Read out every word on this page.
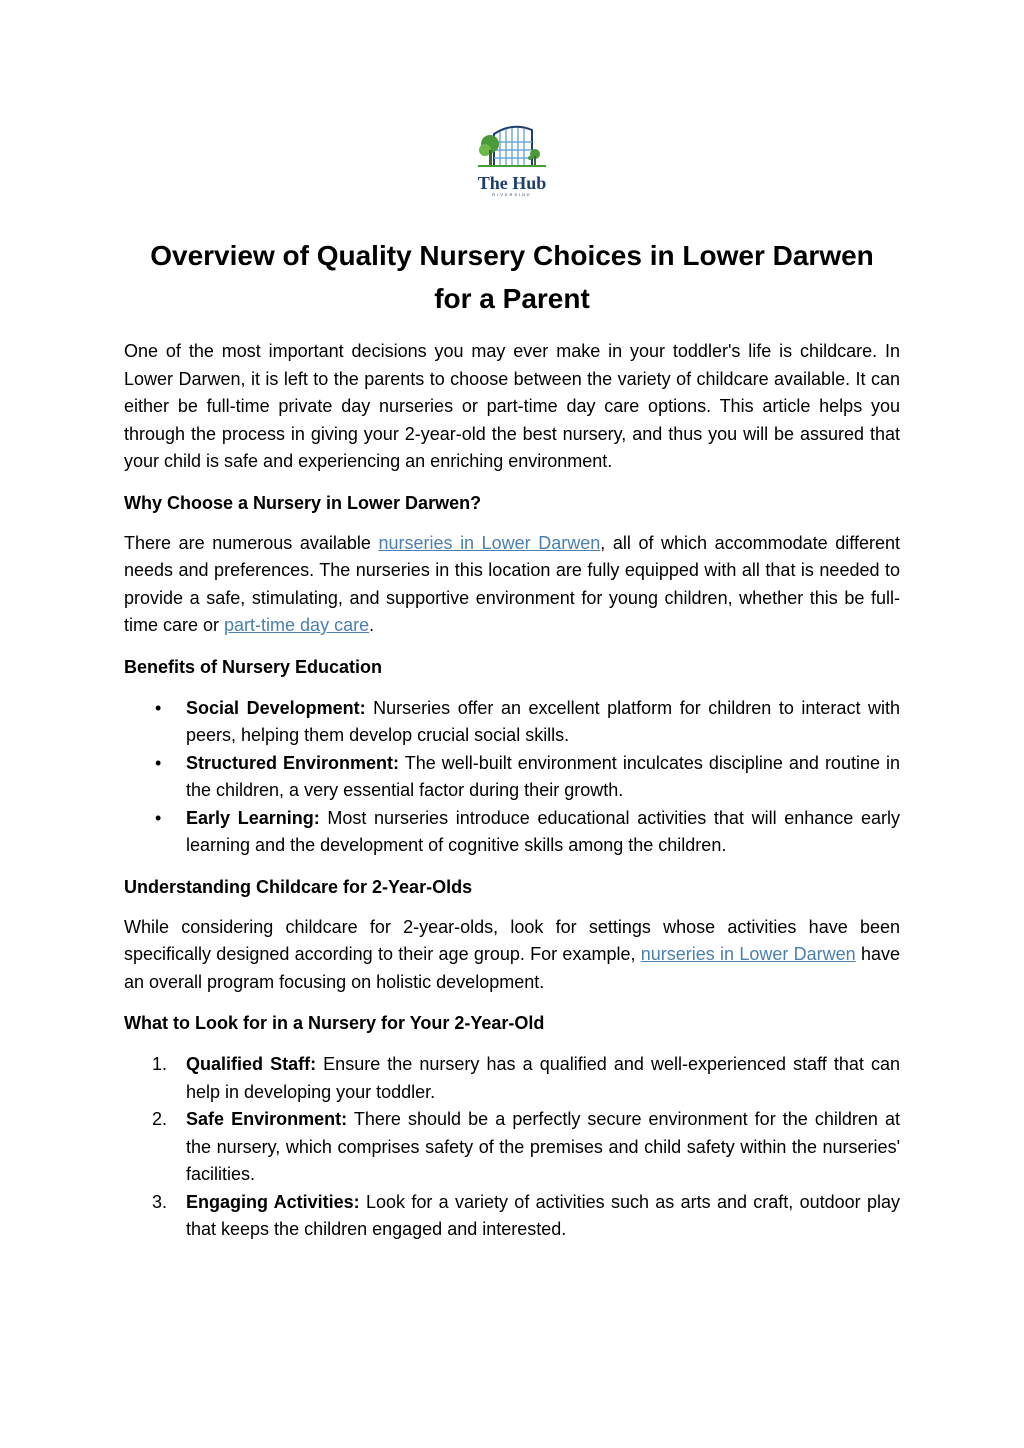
The Hub
RIVERSIDE
Overview of Quality Nursery Choices in Lower Darwen for a Parent

One of the most important decisions you may ever make in your toddler's life is childcare. In Lower Darwen, it is left to the parents to choose between the variety of childcare available. It can either be full-time private day nurseries or part-time day care options. This article helps you through the process in giving your 2-year-old the best nursery, and thus you will be assured that your child is safe and experiencing an enriching environment.

Why Choose a Nursery in Lower Darwen?

There are numerous available nurseries in Lower Darwen, all of which accommodate different needs and preferences. The nurseries in this location are fully equipped with all that is needed to provide a safe, stimulating, and supportive environment for young children, whether this be full-time care or part-time day care.

Benefits of Nursery Education
•	Social Development: Nurseries offer an excellent platform for children to interact with peers, helping them develop crucial social skills.
•	Structured Environment: The well-built environment inculcates discipline and routine in the children, a very essential factor during their growth.
•	Early Learning: Most nurseries introduce educational activities that will enhance early learning and the development of cognitive skills among the children.
Understanding Childcare for 2-Year-Olds

While considering childcare for 2-year-olds, look for settings whose activities have been specifically designed according to their age group. For example, nurseries in Lower Darwen have an overall program focusing on holistic development.

What to Look for in a Nursery for Your 2-Year-Old
1.	Qualified Staff: Ensure the nursery has a qualified and well-experienced staff that can help in developing your toddler.
2.	Safe Environment: There should be a perfectly secure environment for the children at the nursery, which comprises safety of the premises and child safety within the nurseries' facilities.
3.	Engaging Activities: Look for a variety of activities such as arts and craft, outdoor play that keeps the children engaged and interested.
